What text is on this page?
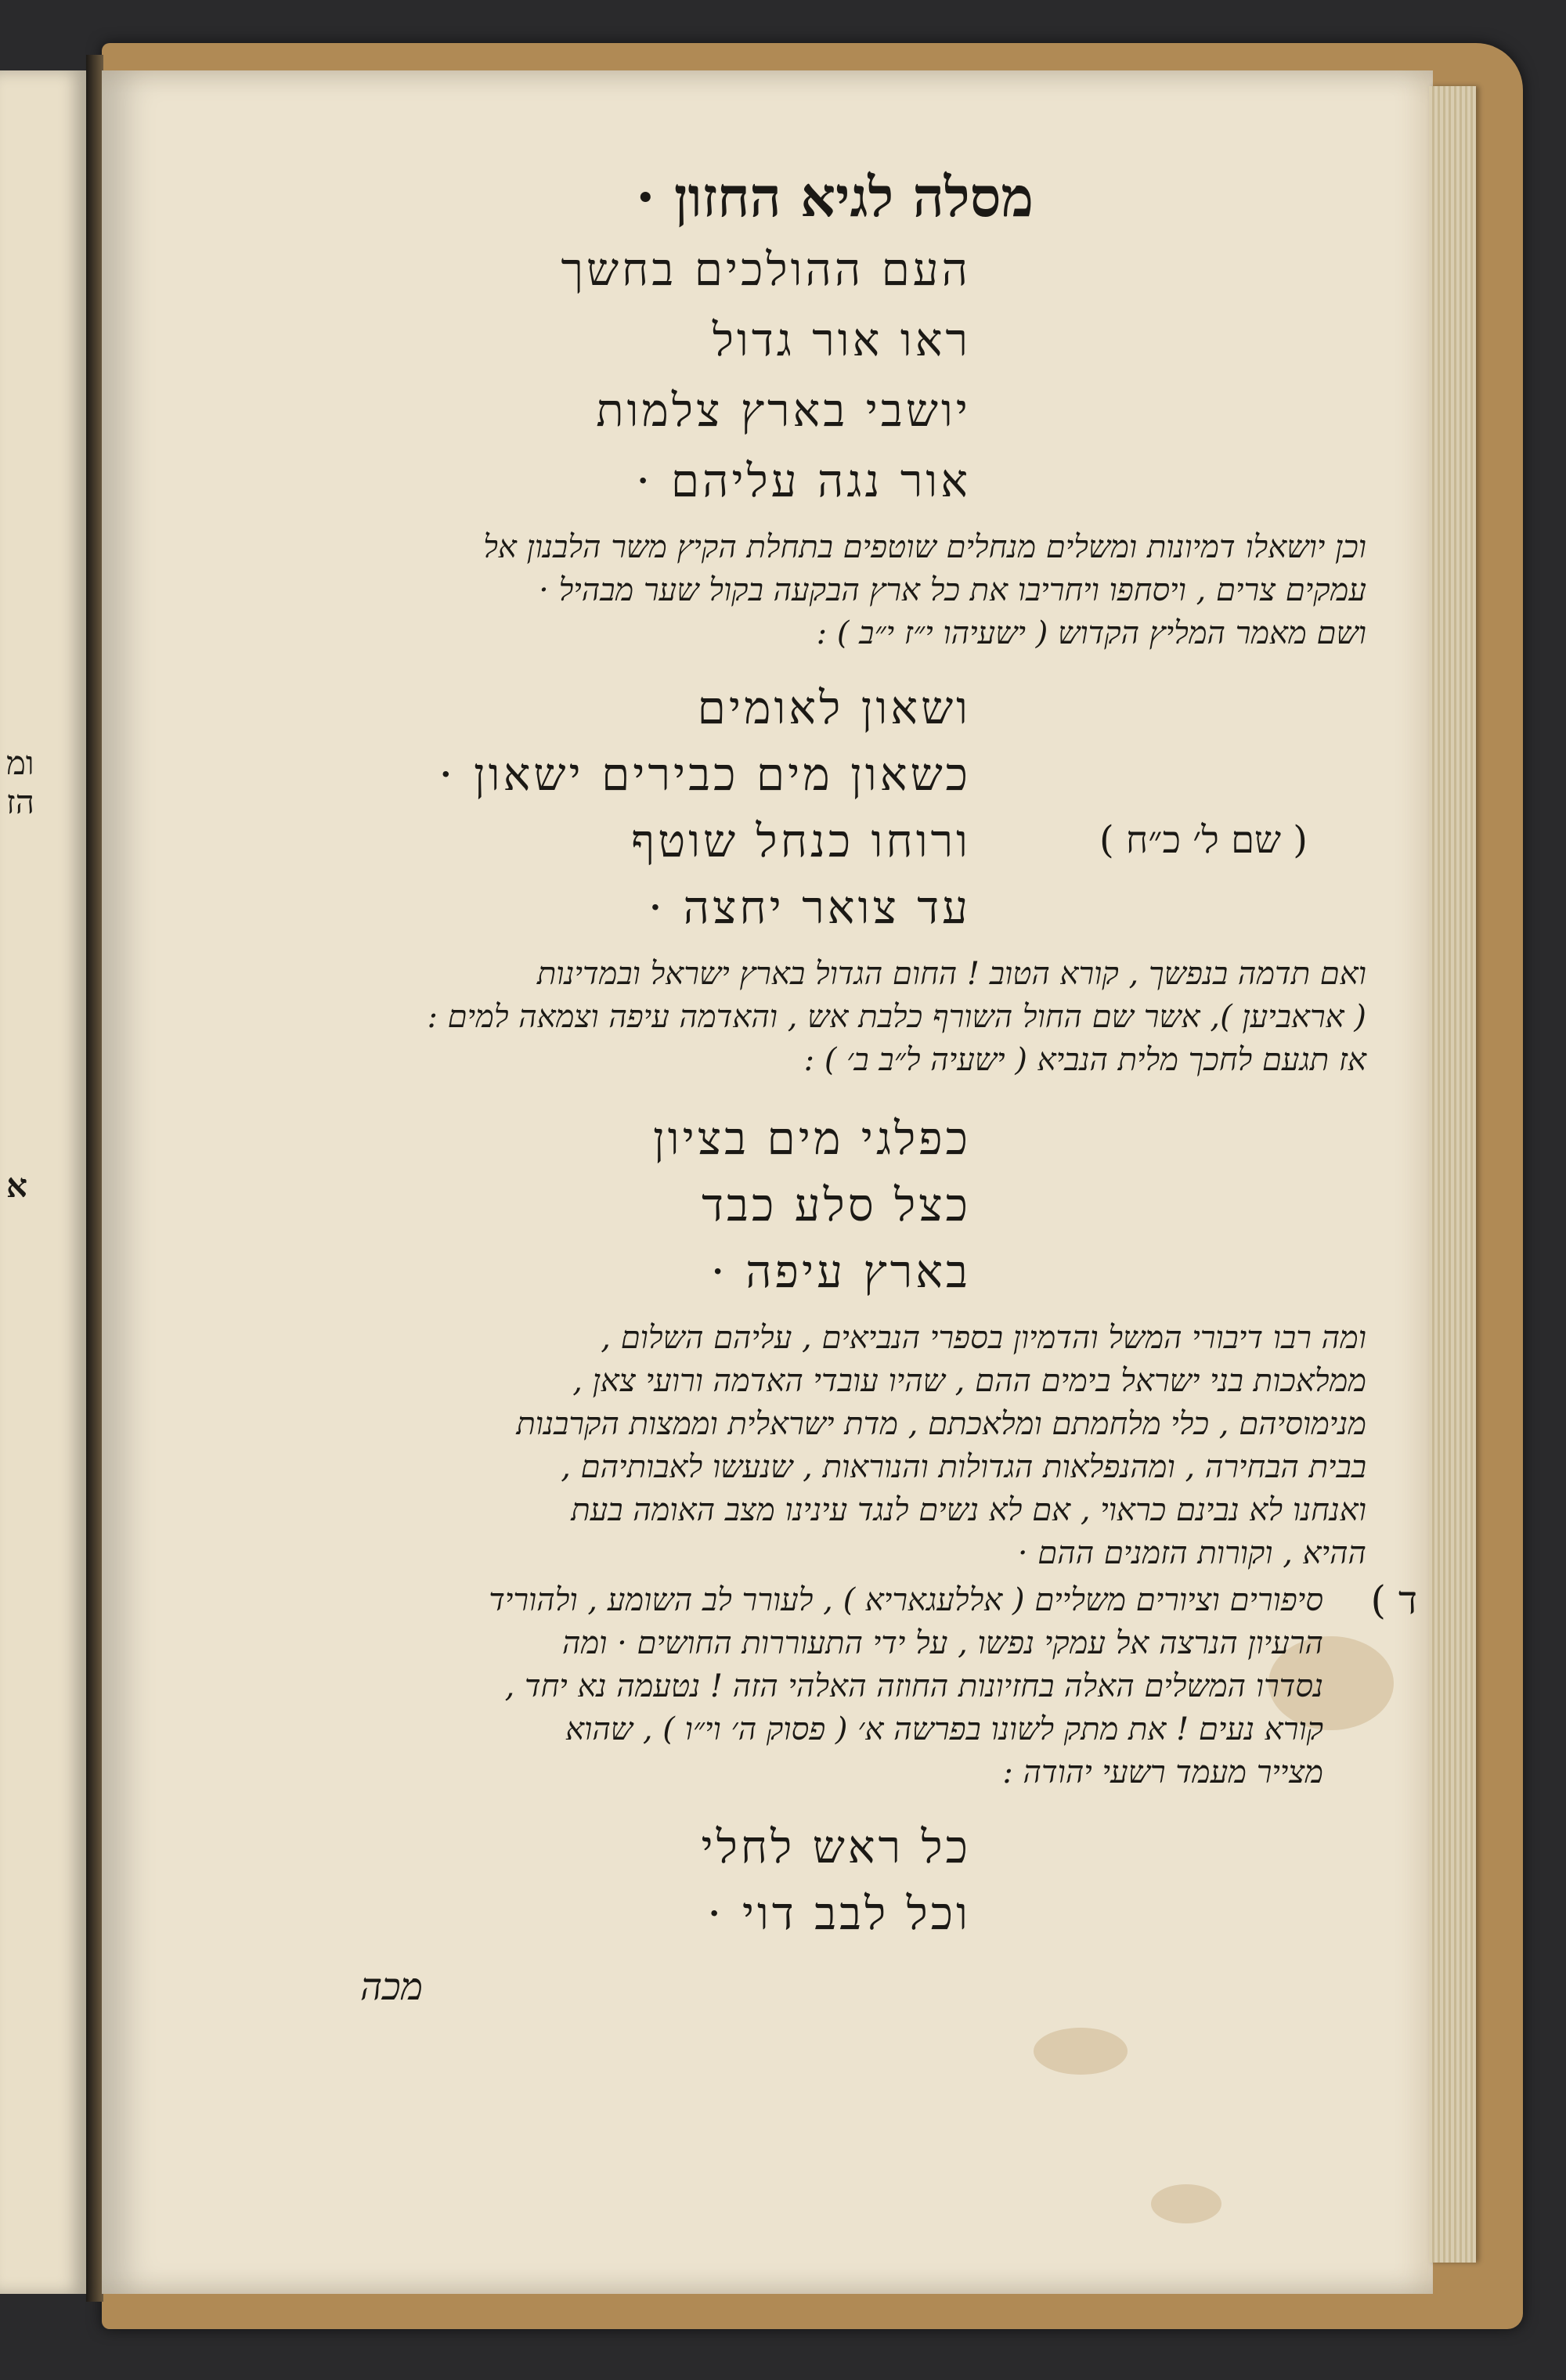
ומ
הז
א
מסלה לגיא החזון ·
העם ההולכים בחשך
ראו אור גדול
יושבי בארץ צלמות
אור נגה עליהם ·
וכן יושאלו דמיונות ומשלים מנחלים שוטפים בתחלת הקיץ משר הלבנון אל
עמקים צרים , ויסחפו ויחריבו את כל ארץ הבקעה בקול שער מבהיל ·
ושם מאמר המליץ הקדוש ( ישעיהו י״ז י״ב ) :
ושאון לאומים
כשאון מים כבירים ישאון ·
ורוחו כנחל שוטף	( שם ל׳ כ״ח )
עד צואר יחצה ·
ואם תדמה בנפשך , קורא הטוב ! החום הגדול בארץ ישראל ובמדינות
( אראביען ), אשר שם החול השורף כלבת אש , והאדמה עיפה וצמאה למים :
אז תגעם לחכך מלית הנביא ( ישעיה ל״ב ב׳ ) :
כפלגי מים בציון
כצל סלע כבד
בארץ עיפה ·
ומה רבו דיבורי המשל והדמיון בספרי הנביאים , עליהם השלום ,
ממלאכות בני ישראל בימים ההם , שהיו עובדי האדמה ורועי צאן ,
מנימוסיהם , כלי מלחמתם ומלאכתם , מדת ישראלית וממצות הקרבנות
בבית הבחירה , ומהנפלאות הגדולות והנוראות , שנעשו לאבותיהם ,
ואנחנו לא נבינם כראוי , אם לא נשים לנגד עינינו מצב האומה בעת
ההיא , וקורות הזמנים ההם ·
ד )
סיפורים וציורים משליים ( אללעגאריא ) , לעורר לב השומע , ולהוריד
הרעיון הנרצה אל עמקי נפשו , על ידי התעוררות החושים · ומה
נסדרו המשלים האלה בחזיונות החוזה האלהי הזה ! נטעמה נא יחד ,
קורא נעים ! את מתק לשונו בפרשה א׳ ( פסוק ה׳ וי״ו ) , שהוא
מצייר מעמד רשעי יהודה :
כל ראש לחלי
וכל לבב דוי ·
מכה
